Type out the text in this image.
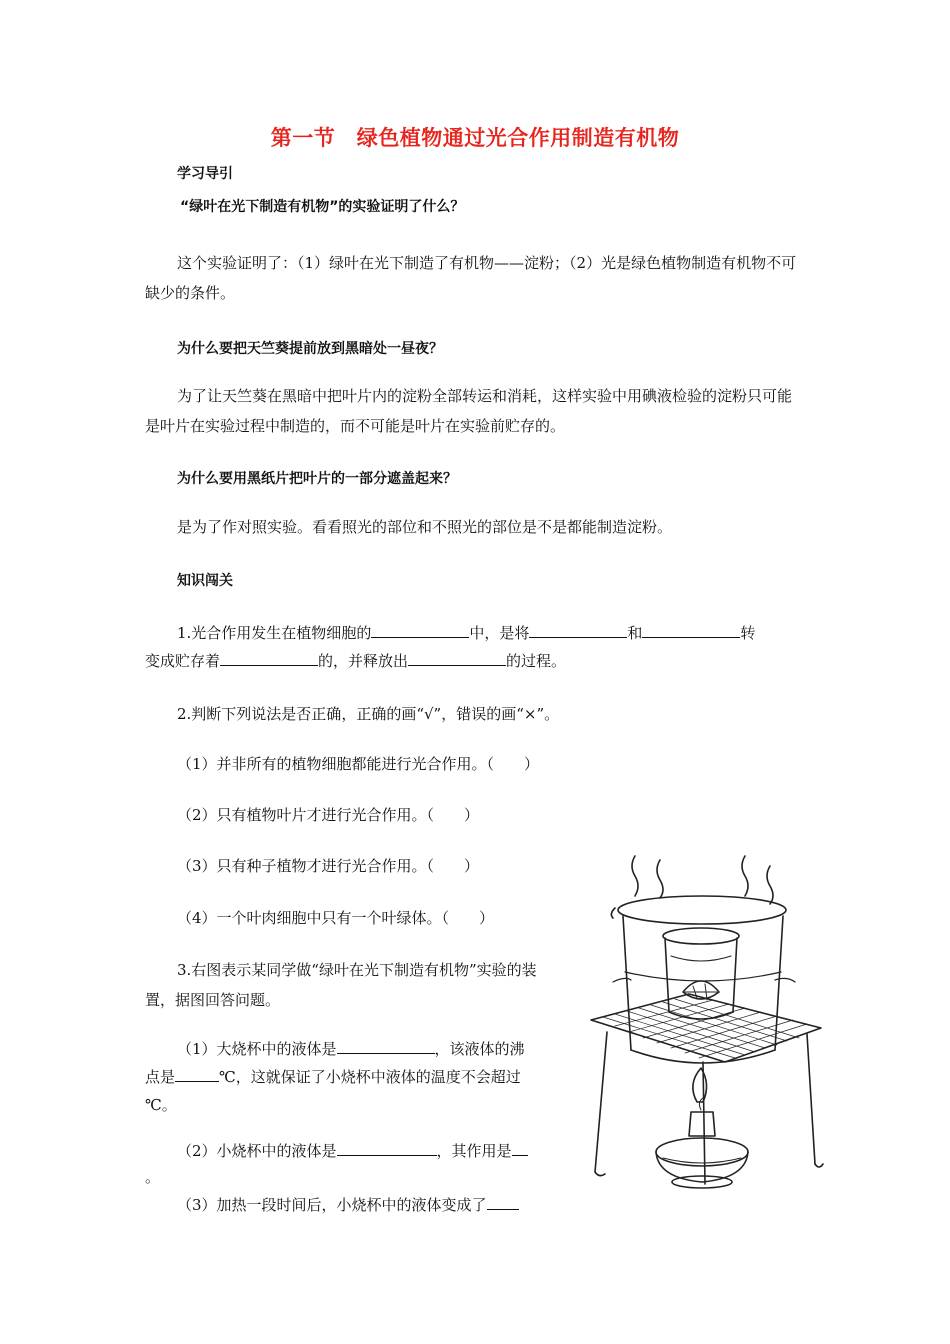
第一节　绿色植物通过光合作用制造有机物
学习导引
“绿叶在光下制造有机物”的实验证明了什么？
这个实验证明了：（1）绿叶在光下制造了有机物——淀粉；（2）光是绿色植物制造有机物不可缺少的条件。
为什么要把天竺葵提前放到黑暗处一昼夜？
为了让天竺葵在黑暗中把叶片内的淀粉全部转运和消耗，这样实验中用碘液检验的淀粉只可能是叶片在实验过程中制造的，而不可能是叶片在实验前贮存的。
为什么要用黑纸片把叶片的一部分遮盖起来？
是为了作对照实验。看看照光的部位和不照光的部位是不是都能制造淀粉。
知识闯关
1.光合作用发生在植物细胞的	中，是将	和	转
变成贮存着	的，并释放出	的过程。
2.判断下列说法是否正确，正确的画“√”，错误的画“×”。
（1）并非所有的植物细胞都能进行光合作用。（　　）
（2）只有植物叶片才进行光合作用。（　　）
（3）只有种子植物才进行光合作用。（　　）
（4）一个叶肉细胞中只有一个叶绿体。（　　）
3.右图表示某同学做“绿叶在光下制造有机物”实验的装置，据图回答问题。
（1）大烧杯中的液体是	，该液体的沸
点是	℃，这就保证了小烧杯中液体的温度不会超过
℃。
（2）小烧杯中的液体是	，其作用是
。
（3）加热一段时间后，小烧杯中的液体变成了
